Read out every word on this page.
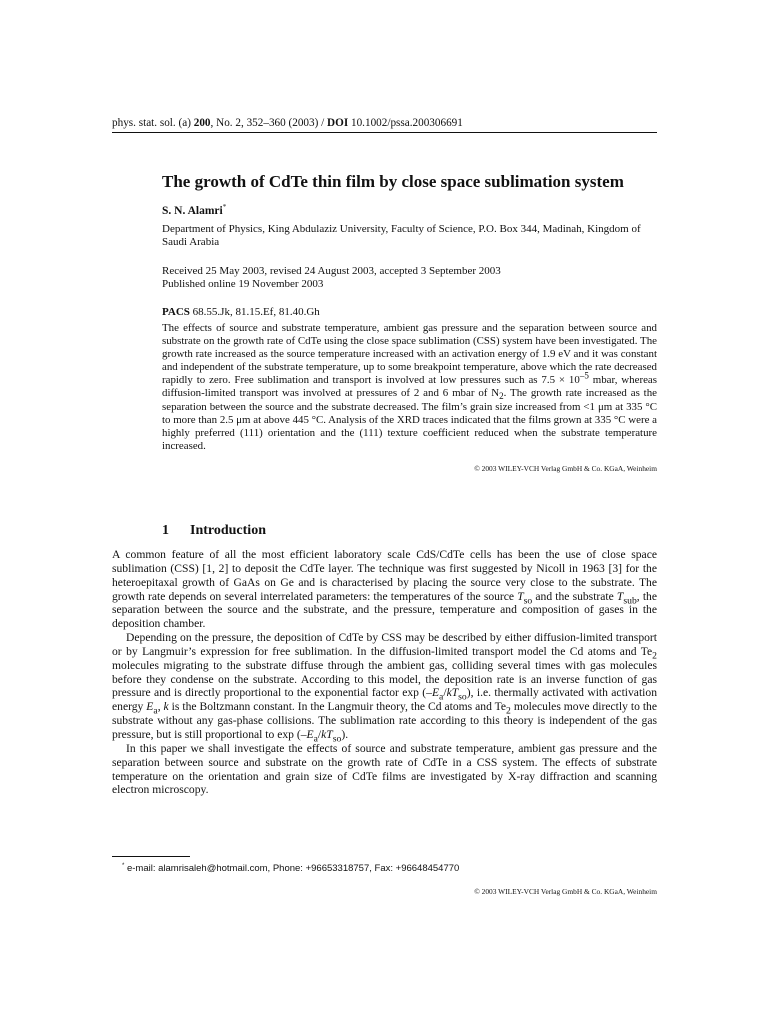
phys. stat. sol. (a) 200, No. 2, 352–360 (2003) / DOI 10.1002/pssa.200306691
The growth of CdTe thin film by close space sublimation system
S. N. Alamri*
Department of Physics, King Abdulaziz University, Faculty of Science, P.O. Box 344, Madinah, Kingdom of Saudi Arabia
Received 25 May 2003, revised 24 August 2003, accepted 3 September 2003
Published online 19 November 2003
PACS 68.55.Jk, 81.15.Ef, 81.40.Gh
The effects of source and substrate temperature, ambient gas pressure and the separation between source and substrate on the growth rate of CdTe using the close space sublimation (CSS) system have been investigated. The growth rate increased as the source temperature increased with an activation energy of 1.9 eV and it was constant and independent of the substrate temperature, up to some breakpoint temperature, above which the rate decreased rapidly to zero. Free sublimation and transport is involved at low pressures such as $7.5 \times 10^{-5}$ mbar, whereas diffusion-limited transport was involved at pressures of 2 and 6 mbar of $N_2$. The growth rate increased as the separation between the source and the substrate decreased. The film’s grain size increased from <1 μm at 335 °C to more than 2.5 μm at above 445 °C. Analysis of the XRD traces indicated that the films grown at 335 °C were a highly preferred (111) orientation and the (111) texture coefficient reduced when the substrate temperature increased.
© 2003 WILEY-VCH Verlag GmbH & Co. KGaA, Weinheim
1 Introduction

A common feature of all the most efficient laboratory scale CdS/CdTe cells has been the use of close space sublimation (CSS) [1, 2] to deposit the CdTe layer. The technique was first suggested by Nicoll in 1963 [3] for the heteroepitaxal growth of GaAs on Ge and is characterised by placing the source very close to the substrate. The growth rate depends on several interrelated parameters: the temperatures of the source $T_{so}$ and the substrate $T_{sub}$, the separation between the source and the substrate, and the pressure, temperature and composition of gases in the deposition chamber.

Depending on the pressure, the deposition of CdTe by CSS may be described by either diffusion-limited transport or by Langmuir’s expression for free sublimation. In the diffusion-limited transport model the Cd atoms and $Te_2$ molecules migrating to the substrate diffuse through the ambient gas, colliding several times with gas molecules before they condense on the substrate. According to this model, the deposition rate is an inverse function of gas pressure and is directly proportional to the exponential factor $\exp (-E_a/kT_{so})$, i.e. thermally activated with activation energy $E_a$, k is the Boltzmann constant. In the Langmuir theory, the Cd atoms and $Te_2$ molecules move directly to the substrate without any gas-phase collisions. The sublimation rate according to this theory is independent of the gas pressure, but is still proportional to $\exp (-E_a/kT_{so})$.

In this paper we shall investigate the effects of source and substrate temperature, ambient gas pressure and the separation between source and substrate on the growth rate of CdTe in a CSS system. The effects of substrate temperature on the orientation and grain size of CdTe films are investigated by X-ray diffraction and scanning electron microscopy.

* e-mail: alamrisaleh@hotmail.com, Phone: +96653318757, Fax: +96648454770
© 2003 WILEY-VCH Verlag GmbH & Co. KGaA, Weinheim
